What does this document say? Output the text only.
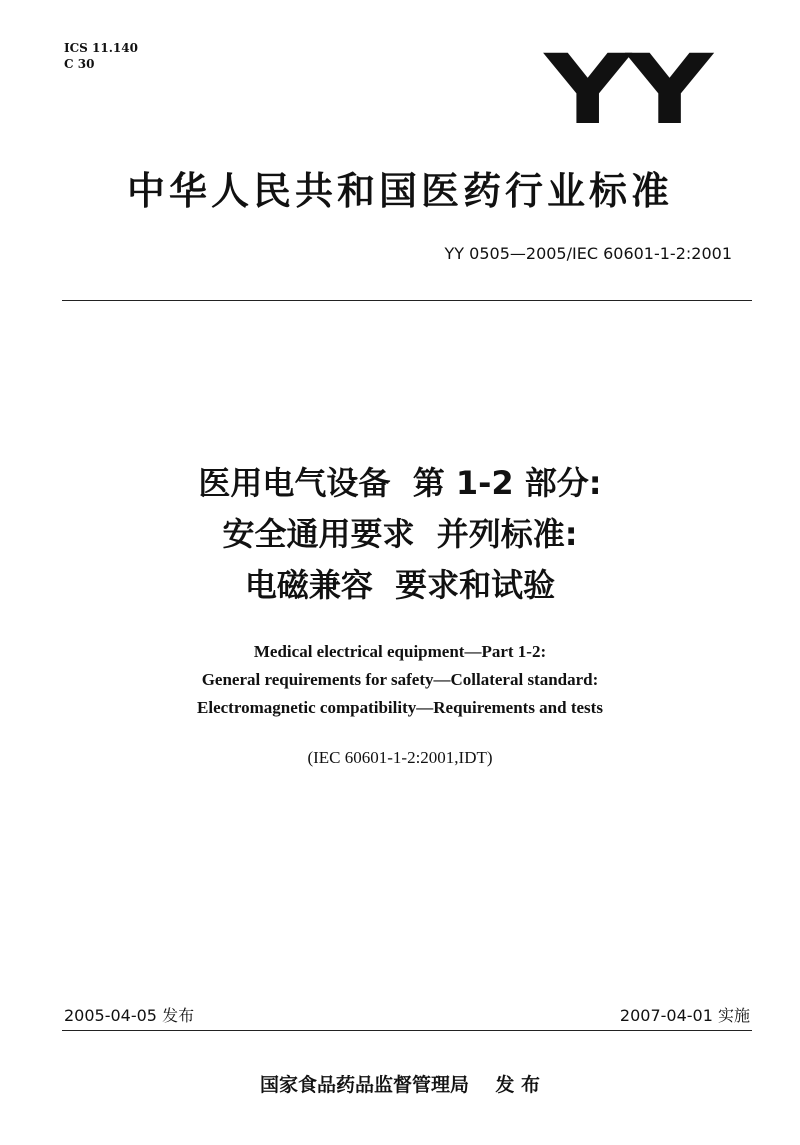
ICS 11.140
C 30	YY
中华人民共和国医药行业标准
YY 0505—2005/IEC 60601-1-2:2001
医用电气设备  第 1-2 部分:
安全通用要求  并列标准:
电磁兼容  要求和试验
Medical electrical equipment—Part 1-2:
General requirements for safety—Collateral standard:
Electromagnetic compatibility—Requirements and tests
(IEC 60601-1-2:2001,IDT)
2005-04-05 发布	2007-04-01 实施
国家食品药品监督管理局    发 布
